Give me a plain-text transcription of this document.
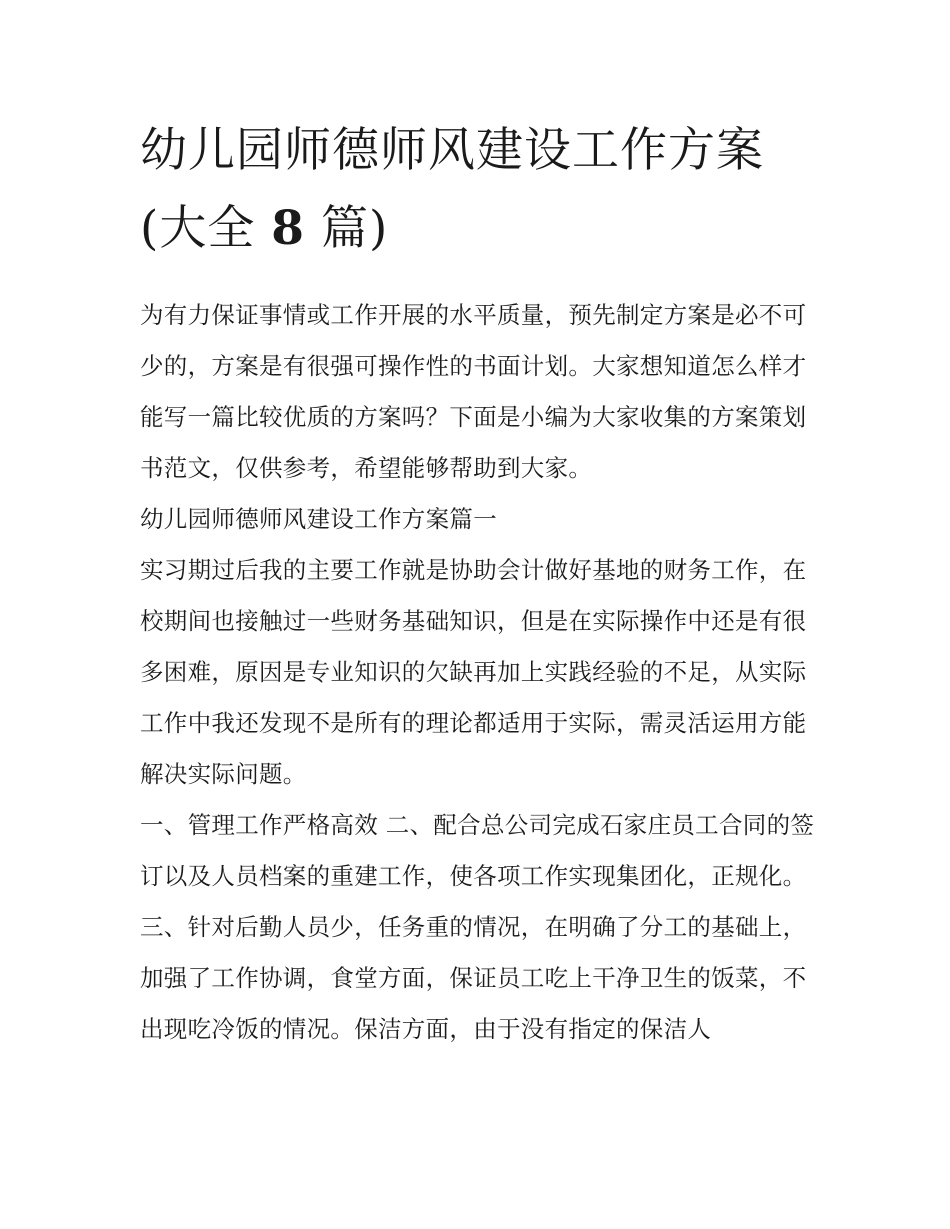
幼儿园师德师风建设工作方案
(大全 8 篇)

为有力保证事情或工作开展的水平质量，预先制定方案是必不可少的，方案是有很强可操作性的书面计划。大家想知道怎么样才能写一篇比较优质的方案吗？下面是小编为大家收集的方案策划书范文，仅供参考，希望能够帮助到大家。

幼儿园师德师风建设工作方案篇一

实习期过后我的主要工作就是协助会计做好基地的财务工作，在校期间也接触过一些财务基础知识，但是在实际操作中还是有很多困难，原因是专业知识的欠缺再加上实践经验的不足，从实际工作中我还发现不是所有的理论都适用于实际，需灵活运用方能解决实际问题。

一、管理工作严格高效 二、配合总公司完成石家庄员工合同的签订以及人员档案的重建工作，使各项工作实现集团化，正规化。

三、针对后勤人员少，任务重的情况，在明确了分工的基础上，加强了工作协调，食堂方面，保证员工吃上干净卫生的饭菜，不出现吃冷饭的情况。保洁方面，由于没有指定的保洁人
